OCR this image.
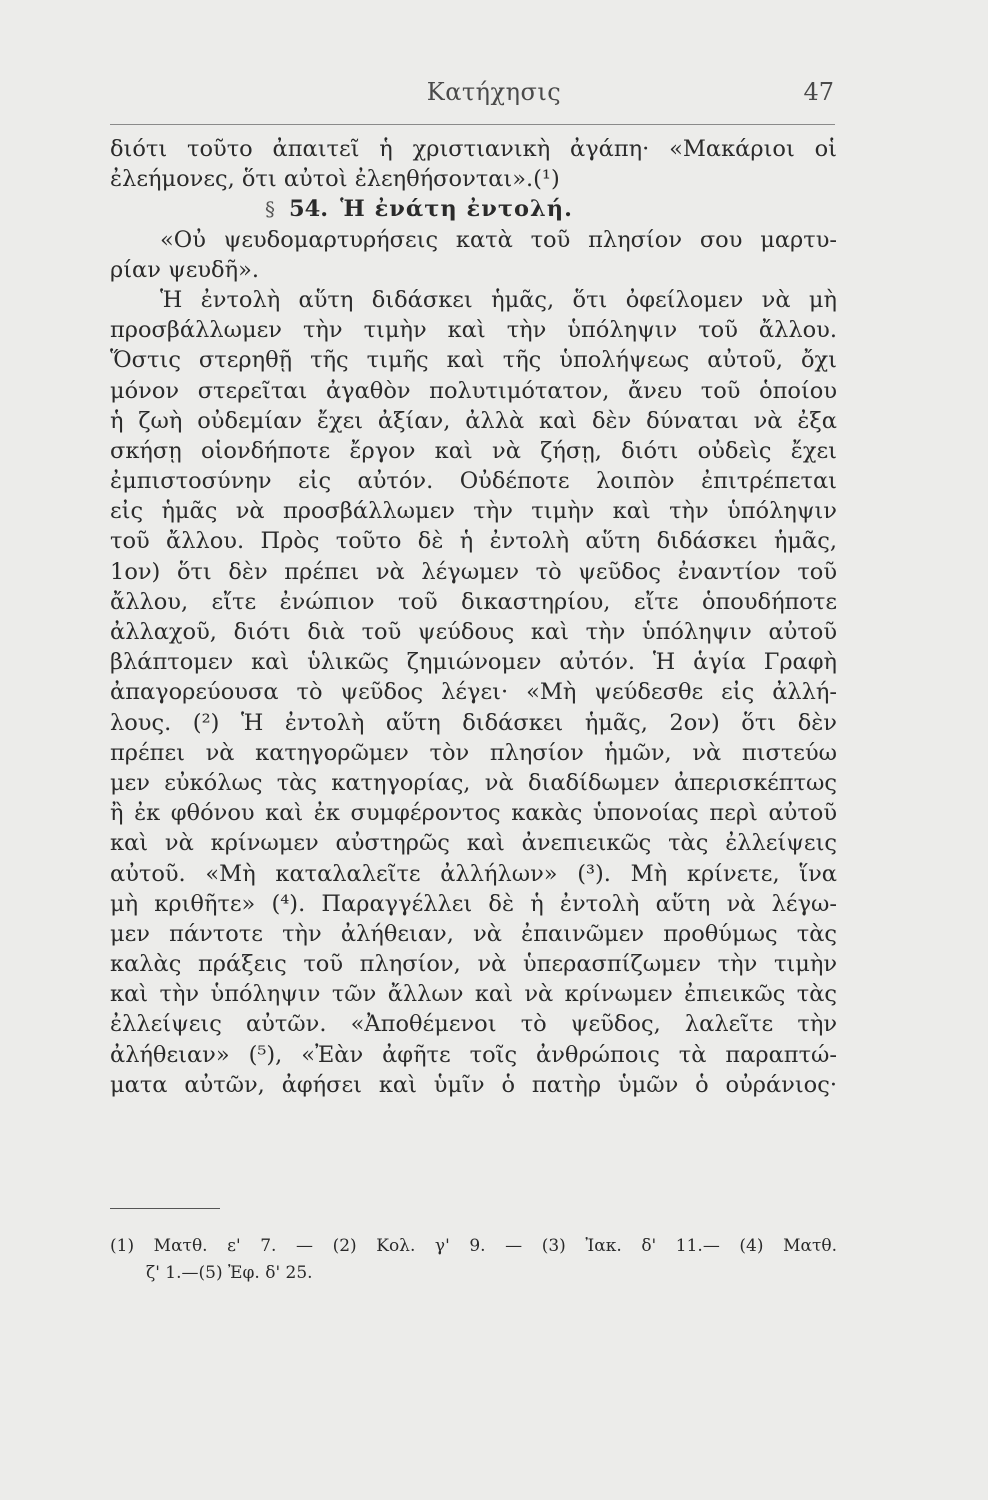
Κατήχησις	47
διότι τοῦτο ἀπαιτεῖ ἡ χριστιανικὴ ἀγάπη· «Μακάριοι οἱ
ἐλεήμονες, ὅτι αὐτοὶ ἐλεηθήσονται».(¹)
§ 54. Ἡ ἐνάτη ἐντολή.
«Οὐ ψευδομαρτυρήσεις κατὰ τοῦ πλησίον σου μαρτυ-
ρίαν ψευδῆ».
Ἡ ἐντολὴ αὕτη διδάσκει ἡμᾶς, ὅτι ὀφείλομεν νὰ μὴ
προσβάλλωμεν τὴν τιμὴν καὶ τὴν ὑπόληψιν τοῦ ἄλλου.
Ὅστις στερηθῇ τῆς τιμῆς καὶ τῆς ὑπολήψεως αὐτοῦ, ὄχι
μόνον στερεῖται ἀγαθὸν πολυτιμότατον, ἄνευ τοῦ ὁποίου
ἡ ζωὴ οὐδεμίαν ἔχει ἀξίαν, ἀλλὰ καὶ δὲν δύναται νὰ ἐξα
σκήσῃ οἱονδήποτε ἔργον καὶ νὰ ζήσῃ, διότι οὐδεὶς ἔχει
ἐμπιστοσύνην εἰς αὐτόν. Οὐδέποτε λοιπὸν ἐπιτρέπεται
εἰς ἡμᾶς νὰ προσβάλλωμεν τὴν τιμὴν καὶ τὴν ὑπόληψιν
τοῦ ἄλλου. Πρὸς τοῦτο δὲ ἡ ἐντολὴ αὕτη διδάσκει ἡμᾶς,
1ον) ὅτι δὲν πρέπει νὰ λέγωμεν τὸ ψεῦδος ἐναντίον τοῦ
ἄλλου, εἴτε ἐνώπιον τοῦ δικαστηρίου, εἴτε ὁπουδήποτε
ἀλλαχοῦ, διότι διὰ τοῦ ψεύδους καὶ τὴν ὑπόληψιν αὐτοῦ
βλάπτομεν καὶ ὑλικῶς ζημιώνομεν αὐτόν. Ἡ ἁγία Γραφὴ
ἀπαγορεύουσα τὸ ψεῦδος λέγει· «Μὴ ψεύδεσθε εἰς ἀλλή-
λους. (²) Ἡ ἐντολὴ αὕτη διδάσκει ἡμᾶς, 2ον) ὅτι δὲν
πρέπει νὰ κατηγορῶμεν τὸν πλησίον ἡμῶν, νὰ πιστεύω
μεν εὐκόλως τὰς κατηγορίας, νὰ διαδίδωμεν ἀπερισκέπτως
ἢ ἐκ φθόνου καὶ ἐκ συμφέροντος κακὰς ὑπονοίας περὶ αὐτοῦ
καὶ νὰ κρίνωμεν αὐστηρῶς καὶ ἀνεπιεικῶς τὰς ἐλλείψεις
αὐτοῦ. «Μὴ καταλαλεῖτε ἀλλήλων» (³). Μὴ κρίνετε, ἵνα
μὴ κριθῆτε» (⁴). Παραγγέλλει δὲ ἡ ἐντολὴ αὕτη νὰ λέγω-
μεν πάντοτε τὴν ἀλήθειαν, νὰ ἐπαινῶμεν προθύμως τὰς
καλὰς πράξεις τοῦ πλησίον, νὰ ὑπερασπίζωμεν τὴν τιμὴν
καὶ τὴν ὑπόληψιν τῶν ἄλλων καὶ νὰ κρίνωμεν ἐπιεικῶς τὰς
ἐλλείψεις αὐτῶν. «Ἀποθέμενοι τὸ ψεῦδος, λαλεῖτε τὴν
ἀλήθειαν» (⁵), «Ἐὰν ἀφῆτε τοῖς ἀνθρώποις τὰ παραπτώ-
ματα αὐτῶν, ἀφήσει καὶ ὑμῖν ὁ πατὴρ ὑμῶν ὁ οὐράνιος·
(1) Ματθ. ε' 7. — (2) Κολ. γ' 9. — (3) Ἰακ. δ' 11.— (4) Ματθ.
ζ' 1.—(5) Ἐφ. δ' 25.
